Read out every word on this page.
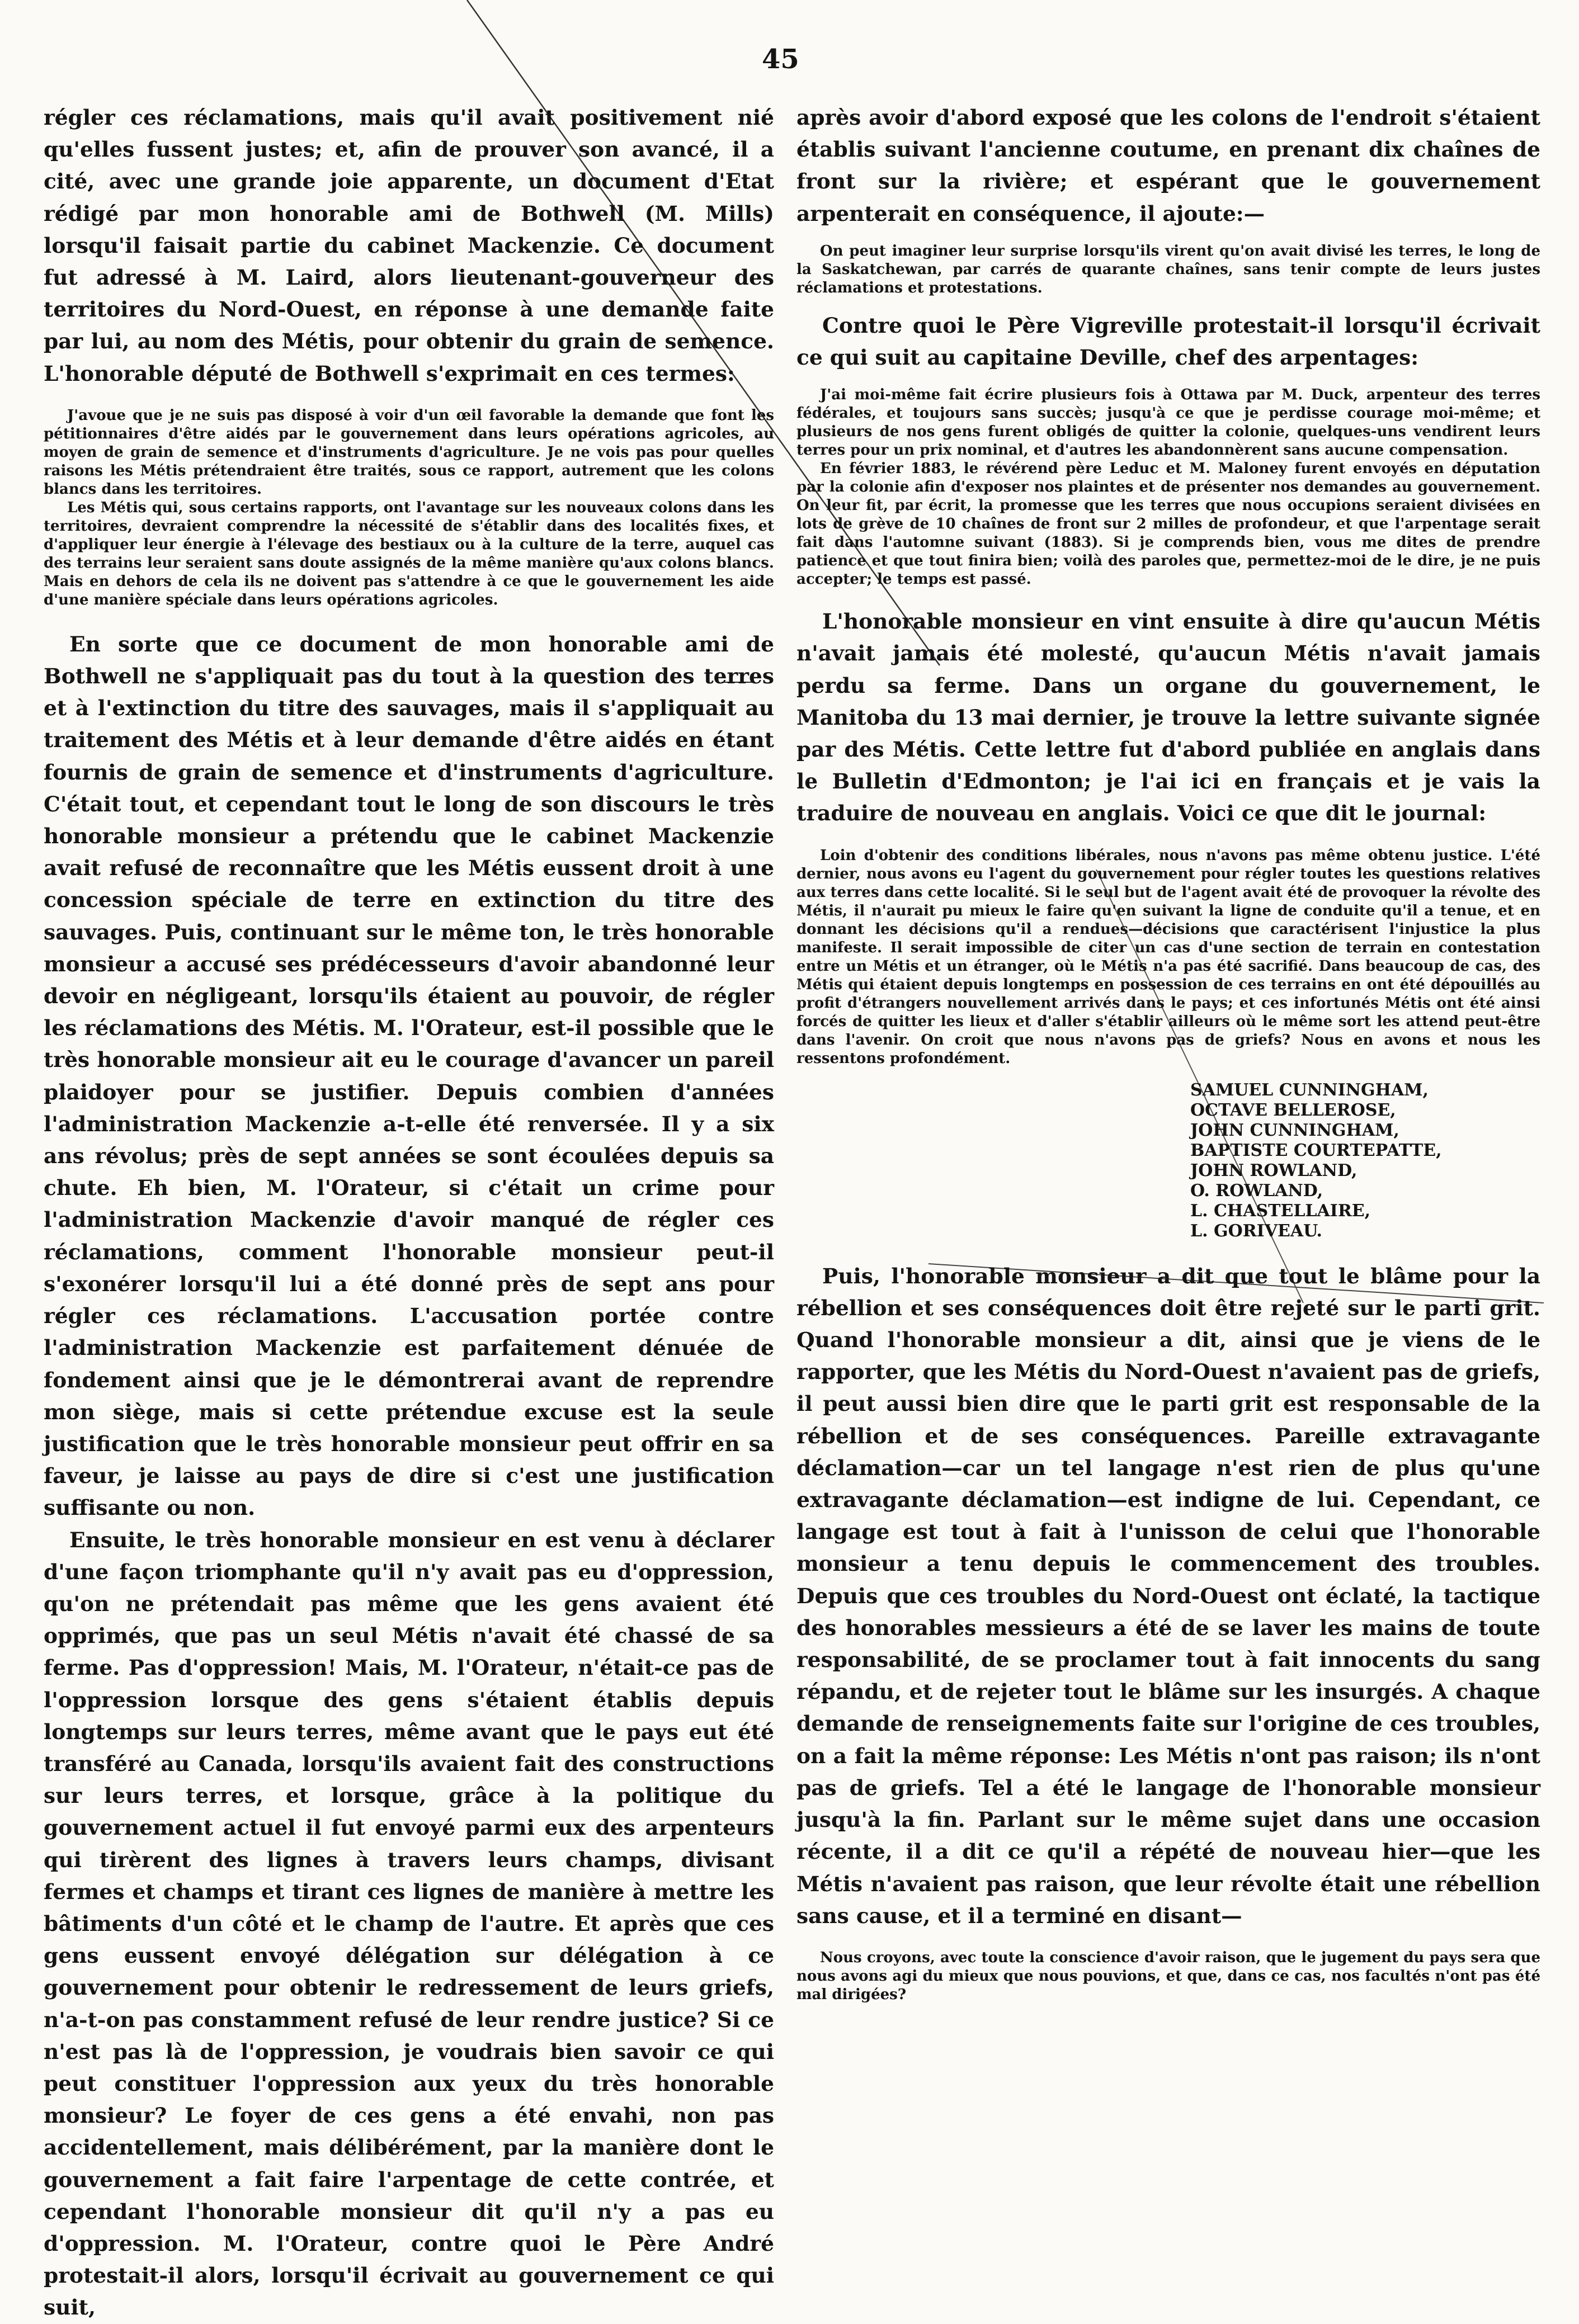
45

régler ces réclamations, mais qu'il avait positivement nié qu'elles fussent justes; et, afin de prouver son avancé, il a cité, avec une grande joie apparente, un document d'Etat rédigé par mon honorable ami de Bothwell (M. Mills) lorsqu'il faisait partie du cabinet Mackenzie. Ce document fut adressé à M. Laird, alors lieutenant-gouverneur des territoires du Nord-Ouest, en réponse à une demande faite par lui, au nom des Métis, pour obtenir du grain de semence. L'honorable député de Bothwell s'exprimait en ces termes:

J'avoue que je ne suis pas disposé à voir d'un œil favorable la demande que font les pétitionnaires d'être aidés par le gouvernement dans leurs opérations agricoles, au moyen de grain de semence et d'instruments d'agriculture. Je ne vois pas pour quelles raisons les Métis prétendraient être traités, sous ce rapport, autrement que les colons blancs dans les territoires.

Les Métis qui, sous certains rapports, ont l'avantage sur les nouveaux colons dans les territoires, devraient comprendre la nécessité de s'établir dans des localités fixes, et d'appliquer leur énergie à l'élevage des bestiaux ou à la culture de la terre, auquel cas des terrains leur seraient sans doute assignés de la même manière qu'aux colons blancs. Mais en dehors de cela ils ne doivent pas s'attendre à ce que le gouvernement les aide d'une manière spéciale dans leurs opérations agricoles.

En sorte que ce document de mon honorable ami de Bothwell ne s'appliquait pas du tout à la question des terres et à l'extinction du titre des sauvages, mais il s'appliquait au traitement des Métis et à leur demande d'être aidés en étant fournis de grain de semence et d'instruments d'agriculture. C'était tout, et cependant tout le long de son discours le très honorable monsieur a prétendu que le cabinet Mackenzie avait refusé de reconnaître que les Métis eussent droit à une concession spéciale de terre en extinction du titre des sauvages. Puis, continuant sur le même ton, le très honorable monsieur a accusé ses prédécesseurs d'avoir abandonné leur devoir en négligeant, lorsqu'ils étaient au pouvoir, de régler les réclamations des Métis. M. l'Orateur, est-il possible que le très honorable monsieur ait eu le courage d'avancer un pareil plaidoyer pour se justifier. Depuis combien d'années l'administration Mackenzie a-t-elle été renversée. Il y a six ans révolus; près de sept années se sont écoulées depuis sa chute. Eh bien, M. l'Orateur, si c'était un crime pour l'administration Mackenzie d'avoir manqué de régler ces réclamations, comment l'honorable monsieur peut-il s'exonérer lorsqu'il lui a été donné près de sept ans pour régler ces réclamations. L'accusation portée contre l'administration Mackenzie est parfaitement dénuée de fondement ainsi que je le démontrerai avant de reprendre mon siège, mais si cette prétendue excuse est la seule justification que le très honorable monsieur peut offrir en sa faveur, je laisse au pays de dire si c'est une justification suffisante ou non.

Ensuite, le très honorable monsieur en est venu à déclarer d'une façon triomphante qu'il n'y avait pas eu d'oppression, qu'on ne prétendait pas même que les gens avaient été opprimés, que pas un seul Métis n'avait été chassé de sa ferme. Pas d'oppression! Mais, M. l'Orateur, n'était-ce pas de l'oppression lorsque des gens s'étaient établis depuis longtemps sur leurs terres, même avant que le pays eut été transféré au Canada, lorsqu'ils avaient fait des constructions sur leurs terres, et lorsque, grâce à la politique du gouvernement actuel il fut envoyé parmi eux des arpenteurs qui tirèrent des lignes à travers leurs champs, divisant fermes et champs et tirant ces lignes de manière à mettre les bâtiments d'un côté et le champ de l'autre. Et après que ces gens eussent envoyé délégation sur délégation à ce gouvernement pour obtenir le redressement de leurs griefs, n'a-t-on pas constamment refusé de leur rendre justice? Si ce n'est pas là de l'oppression, je voudrais bien savoir ce qui peut constituer l'oppression aux yeux du très honorable monsieur? Le foyer de ces gens a été envahi, non pas accidentellement, mais délibérément, par la manière dont le gouvernement a fait faire l'arpentage de cette contrée, et cependant l'honorable monsieur dit qu'il n'y a pas eu d'oppression. M. l'Orateur, contre quoi le Père André protestait-il alors, lorsqu'il écrivait au gouvernement ce qui suit,

après avoir d'abord exposé que les colons de l'endroit s'étaient établis suivant l'ancienne coutume, en prenant dix chaînes de front sur la rivière; et espérant que le gouvernement arpenterait en conséquence, il ajoute:—

On peut imaginer leur surprise lorsqu'ils virent qu'on avait divisé les terres, le long de la Saskatchewan, par carrés de quarante chaînes, sans tenir compte de leurs justes réclamations et protestations.

Contre quoi le Père Vigreville protestait-il lorsqu'il écrivait ce qui suit au capitaine Deville, chef des arpentages:

J'ai moi-même fait écrire plusieurs fois à Ottawa par M. Duck, arpenteur des terres fédérales, et toujours sans succès; jusqu'à ce que je perdisse courage moi-même; et plusieurs de nos gens furent obligés de quitter la colonie, quelques-uns vendirent leurs terres pour un prix nominal, et d'autres les abandonnèrent sans aucune compensation.

En février 1883, le révérend père Leduc et M. Maloney furent envoyés en députation par la colonie afin d'exposer nos plaintes et de présenter nos demandes au gouvernement. On leur fit, par écrit, la promesse que les terres que nous occupions seraient divisées en lots de grève de 10 chaînes de front sur 2 milles de profondeur, et que l'arpentage serait fait dans l'automne suivant (1883). Si je comprends bien, vous me dites de prendre patience et que tout finira bien; voilà des paroles que, permettez-moi de le dire, je ne puis accepter; le temps est passé.

L'honorable monsieur en vint ensuite à dire qu'aucun Métis n'avait jamais été molesté, qu'aucun Métis n'avait jamais perdu sa ferme. Dans un organe du gouvernement, le Manitoba du 13 mai dernier, je trouve la lettre suivante signée par des Métis. Cette lettre fut d'abord publiée en anglais dans le Bulletin d'Edmonton; je l'ai ici en français et je vais la traduire de nouveau en anglais. Voici ce que dit le journal:

Loin d'obtenir des conditions libérales, nous n'avons pas même obtenu justice. L'été dernier, nous avons eu l'agent du gouvernement pour régler toutes les questions relatives aux terres dans cette localité. Si le seul but de l'agent avait été de provoquer la révolte des Métis, il n'aurait pu mieux le faire qu'en suivant la ligne de conduite qu'il a tenue, et en donnant les décisions qu'il a rendues—décisions que caractérisent l'injustice la plus manifeste. Il serait impossible de citer un cas d'une section de terrain en contestation entre un Métis et un étranger, où le Métis n'a pas été sacrifié. Dans beaucoup de cas, des Métis qui étaient depuis longtemps en possession de ces terrains en ont été dépouillés au profit d'étrangers nouvellement arrivés dans le pays; et ces infortunés Métis ont été ainsi forcés de quitter les lieux et d'aller s'établir ailleurs où le même sort les attend peut-être dans l'avenir. On croit que nous n'avons pas de griefs? Nous en avons et nous les ressentons profondément.

SAMUEL CUNNINGHAM,
OCTAVE BELLEROSE,
JOHN CUNNINGHAM,
BAPTISTE COURTEPATTE,
JOHN ROWLAND,
O. ROWLAND,
L. CHASTELLAIRE,
L. GORIVEAU.

Puis, l'honorable monsieur a dit que tout le blâme pour la rébellion et ses conséquences doit être rejeté sur le parti grit. Quand l'honorable monsieur a dit, ainsi que je viens de le rapporter, que les Métis du Nord-Ouest n'avaient pas de griefs, il peut aussi bien dire que le parti grit est responsable de la rébellion et de ses conséquences. Pareille extravagante déclamation—car un tel langage n'est rien de plus qu'une extravagante déclamation—est indigne de lui. Cependant, ce langage est tout à fait à l'unisson de celui que l'honorable monsieur a tenu depuis le commencement des troubles. Depuis que ces troubles du Nord-Ouest ont éclaté, la tactique des honorables messieurs a été de se laver les mains de toute responsabilité, de se proclamer tout à fait innocents du sang répandu, et de rejeter tout le blâme sur les insurgés. A chaque demande de renseignements faite sur l'origine de ces troubles, on a fait la même réponse: Les Métis n'ont pas raison; ils n'ont pas de griefs. Tel a été le langage de l'honorable monsieur jusqu'à la fin. Parlant sur le même sujet dans une occasion récente, il a dit ce qu'il a répété de nouveau hier—que les Métis n'avaient pas raison, que leur révolte était une rébellion sans cause, et il a terminé en disant—

Nous croyons, avec toute la conscience d'avoir raison, que le jugement du pays sera que nous avons agi du mieux que nous pouvions, et que, dans ce cas, nos facultés n'ont pas été mal dirigées?
